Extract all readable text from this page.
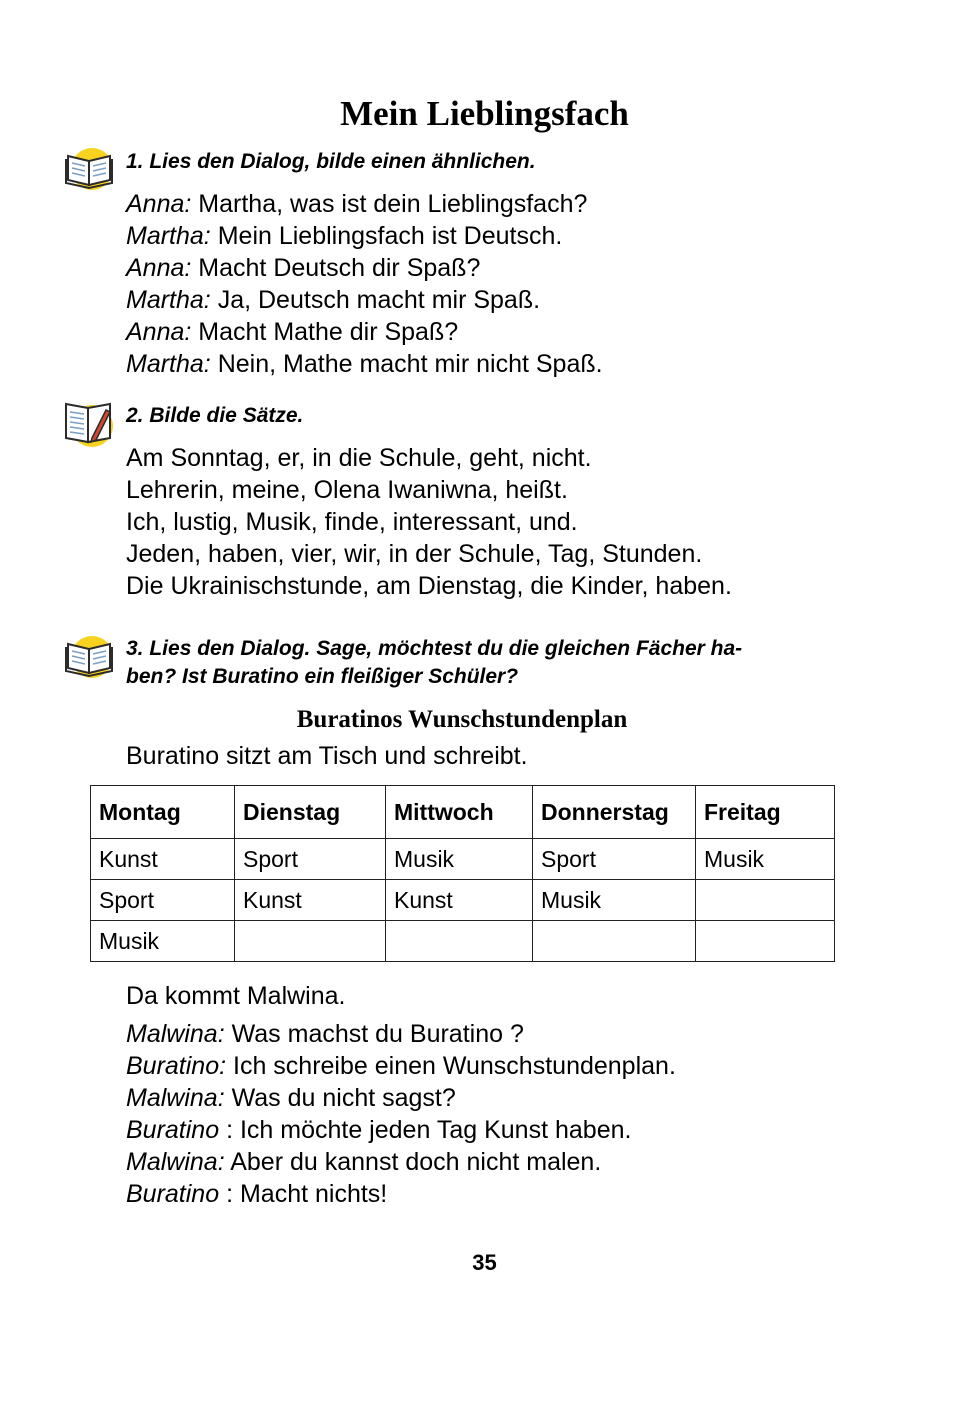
Mein Lieblingsfach
1. Lies den Dialog, bilde einen ähnlichen.
Anna: Martha, was ist dein Lieblingsfach?
Martha: Mein Lieblingsfach ist Deutsch.
Anna: Macht Deutsch dir Spaß?
Martha: Ja, Deutsch macht mir Spaß.
Anna: Macht Mathe dir Spaß?
Martha: Nein, Mathe macht mir nicht Spaß.
2. Bilde die Sätze.
Am Sonntag, er, in die Schule, geht, nicht.
Lehrerin, meine, Olena Iwaniwna, heißt.
Ich, lustig, Musik, finde, interessant, und.
Jeden, haben, vier, wir, in der Schule, Tag, Stunden.
Die Ukrainischstunde, am Dienstag, die Kinder, haben.
3. Lies den Dialog. Sage, möchtest du die gleichen Fächer ha-
ben? Ist Buratino ein fleißiger Schüler?
Buratinos Wunschstundenplan
Buratino sitzt am Tisch und schreibt.
Montag	Dienstag	Mittwoch	Donnerstag	Freitag
Kunst	Sport	Musik	Sport	Musik
Sport	Kunst	Kunst	Musik	
Musik				
Da kommt Malwina.
Malwina: Was machst du Buratino ?
Buratino: Ich schreibe einen Wunschstundenplan.
Malwina: Was du nicht sagst?
Buratino : Ich möchte jeden Tag Kunst haben.
Malwina: Aber du kannst doch nicht malen.
Buratino : Macht nichts!
35
